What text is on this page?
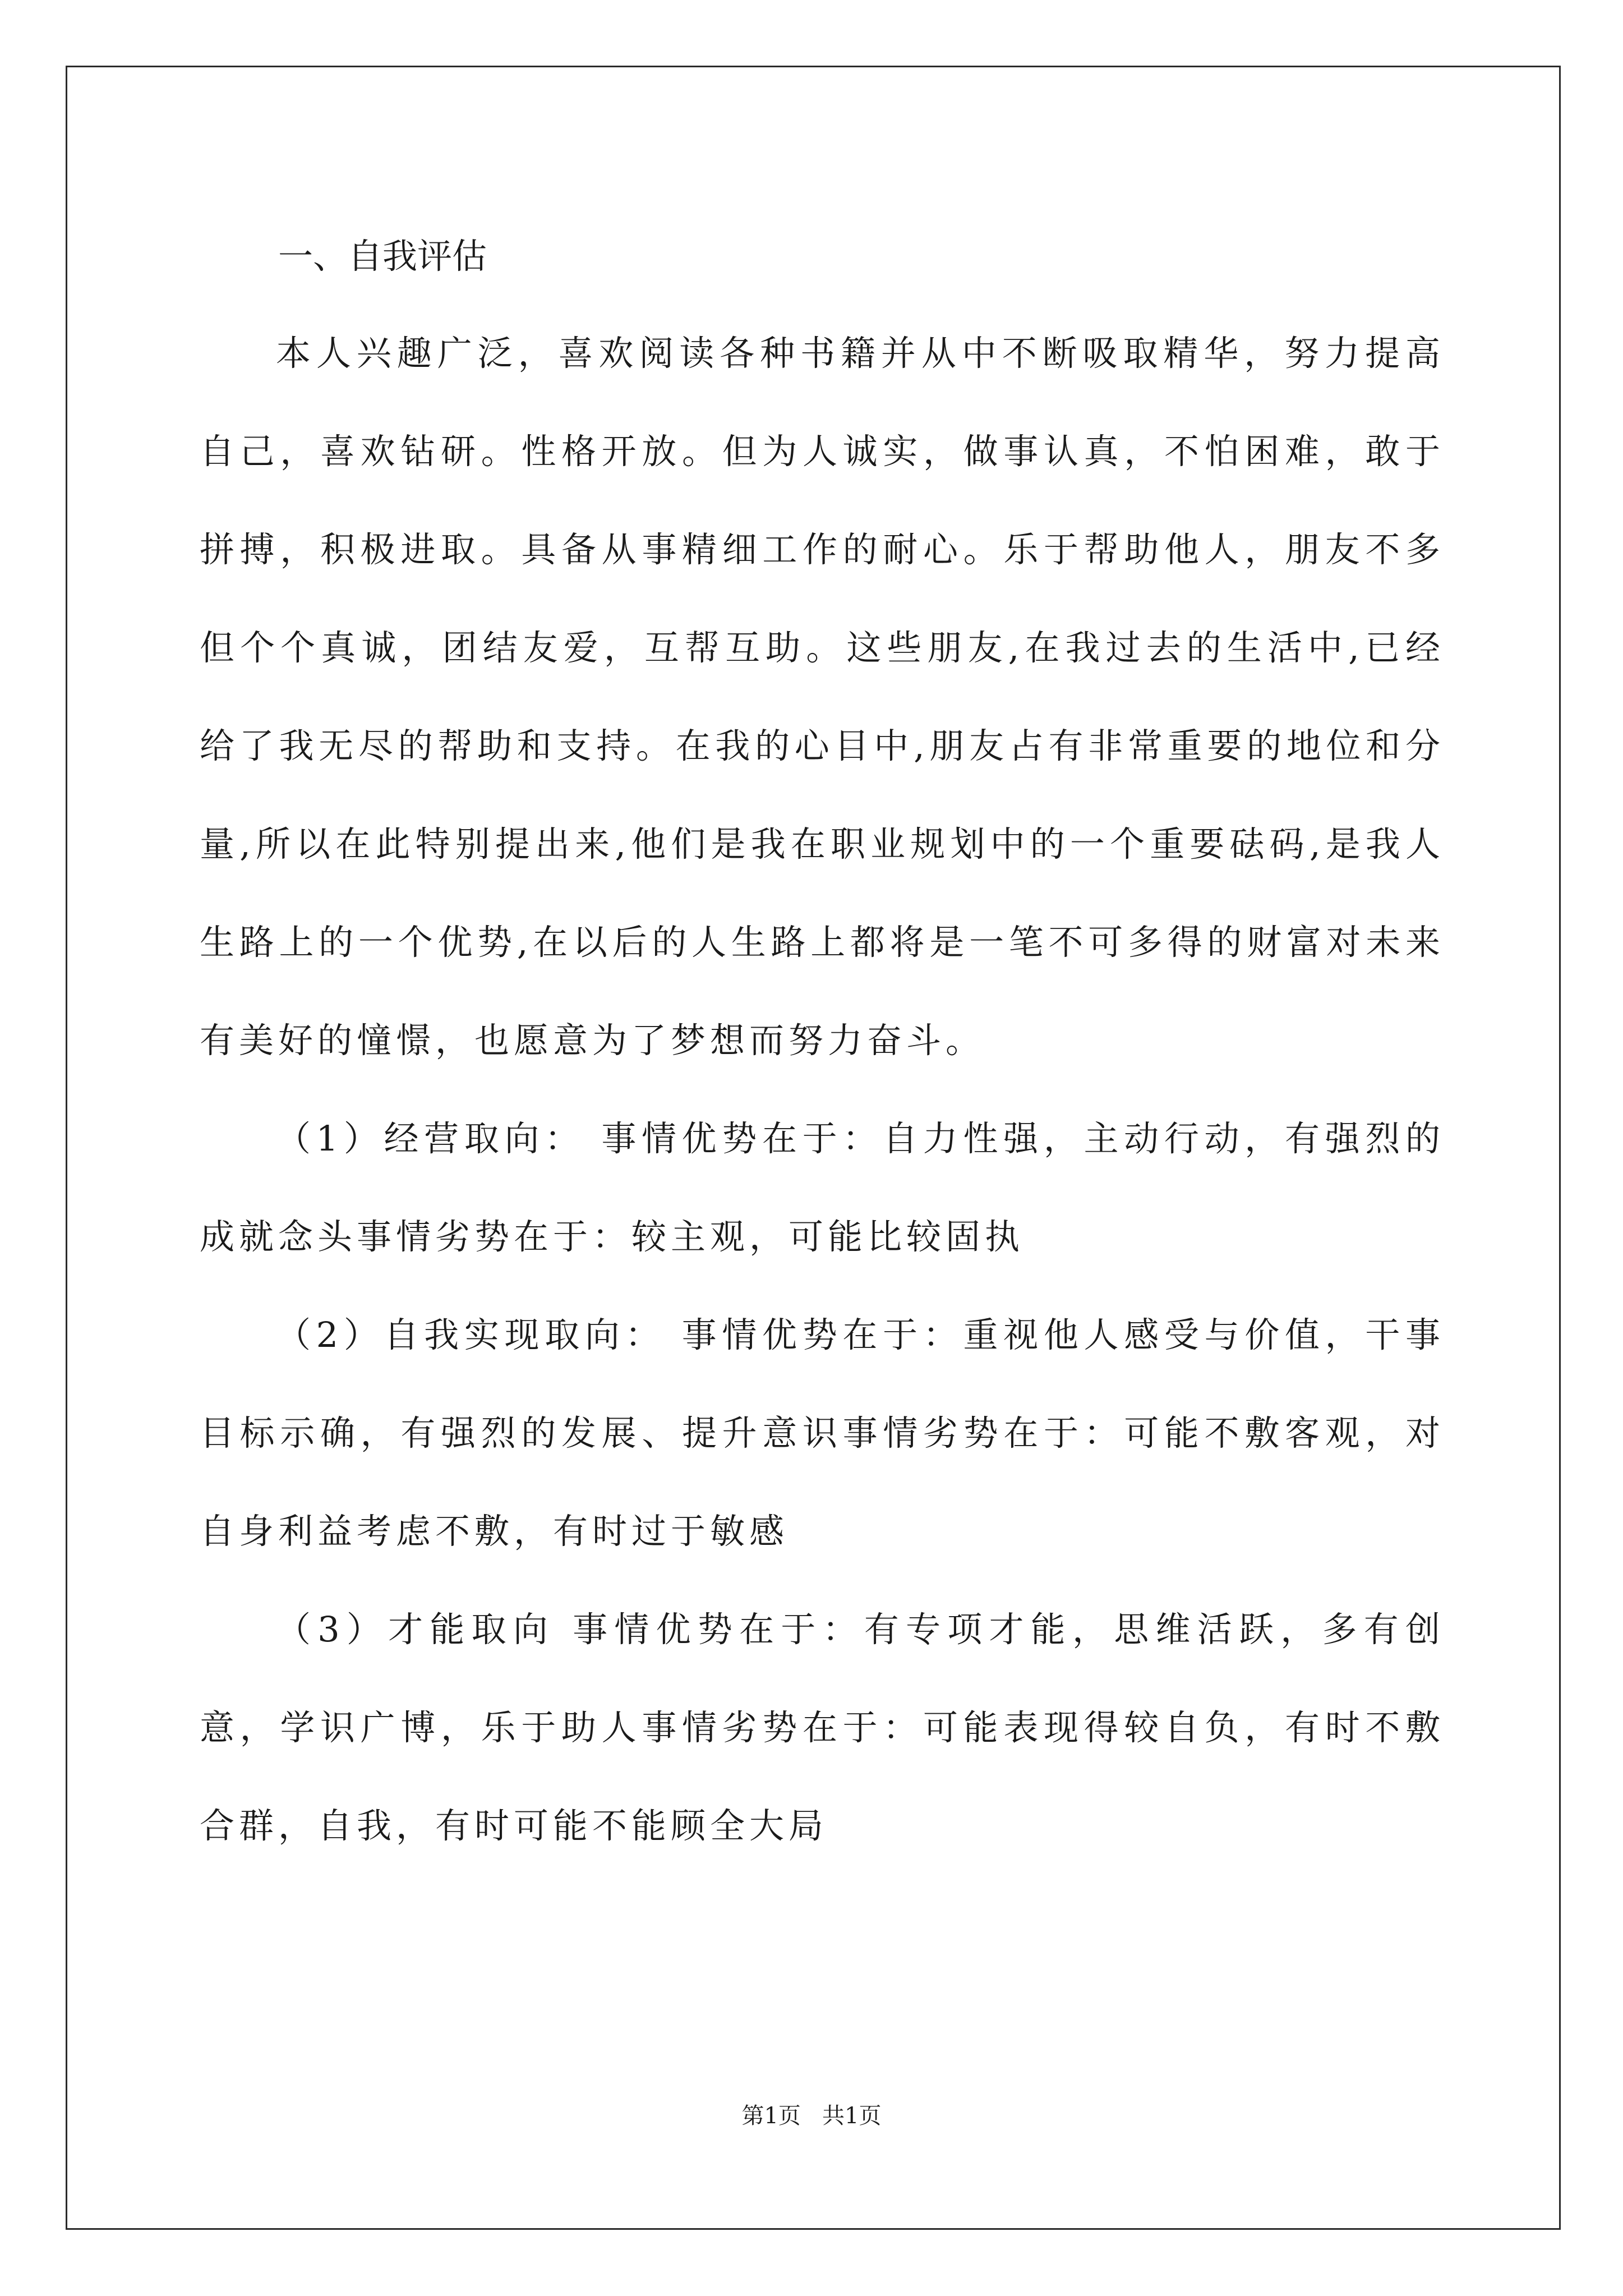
一、自我评估

本人兴趣广泛，喜欢阅读各种书籍并从中不断吸取精华，努力提高自己，喜欢钻研。性格开放。但为人诚实，做事认真，不怕困难，敢于拼搏，积极进取。具备从事精细工作的耐心。乐于帮助他人，朋友不多但个个真诚，团结友爱，互帮互助。这些朋友,在我过去的生活中,已经给了我无尽的帮助和支持。在我的心目中,朋友占有非常重要的地位和分量,所以在此特别提出来,他们是我在职业规划中的一个重要砝码,是我人生路上的一个优势,在以后的人生路上都将是一笔不可多得的财富对未来有美好的憧憬，也愿意为了梦想而努力奋斗。

（1）经营取向： 事情优势在于：自力性强，主动行动，有强烈的成就念头事情劣势在于：较主观，可能比较固执

（2）自我实现取向： 事情优势在于：重视他人感受与价值，干事目标示确，有强烈的发展、提升意识事情劣势在于：可能不敷客观，对自身利益考虑不敷，有时过于敏感

（3）才能取向 事情优势在于：有专项才能，思维活跃，多有创意，学识广博，乐于助人事情劣势在于：可能表现得较自负，有时不敷合群，自我，有时可能不能顾全大局

第1页   共1页
